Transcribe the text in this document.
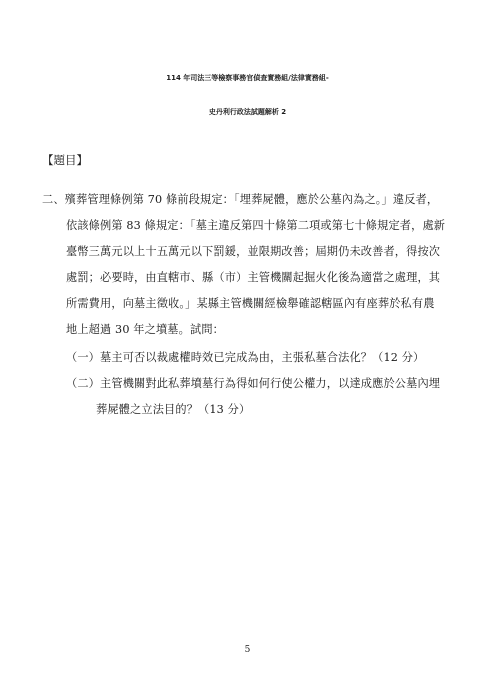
114 年司法三等檢察事務官偵查實務組/法律實務組-
史丹利行政法試題解析 2
【題目】
二、殯葬管理條例第 70 條前段規定：「埋葬屍體，應於公墓內為之。」違反者，
依該條例第 83 條規定：「墓主違反第四十條第二項或第七十條規定者，處新
臺幣三萬元以上十五萬元以下罰鍰，並限期改善；屆期仍未改善者，得按次
處罰；必要時，由直轄市、縣（市）主管機關起掘火化後為適當之處理，其
所需費用，向墓主徵收。」某縣主管機關經檢舉確認轄區內有座葬於私有農
地上超過 30 年之墳墓。試問：
（一）墓主可否以裁處權時效已完成為由，主張私墓合法化？（12 分）
（二）主管機關對此私葬墳墓行為得如何行使公權力，以達成應於公墓內埋
葬屍體之立法目的？（13 分）
5
